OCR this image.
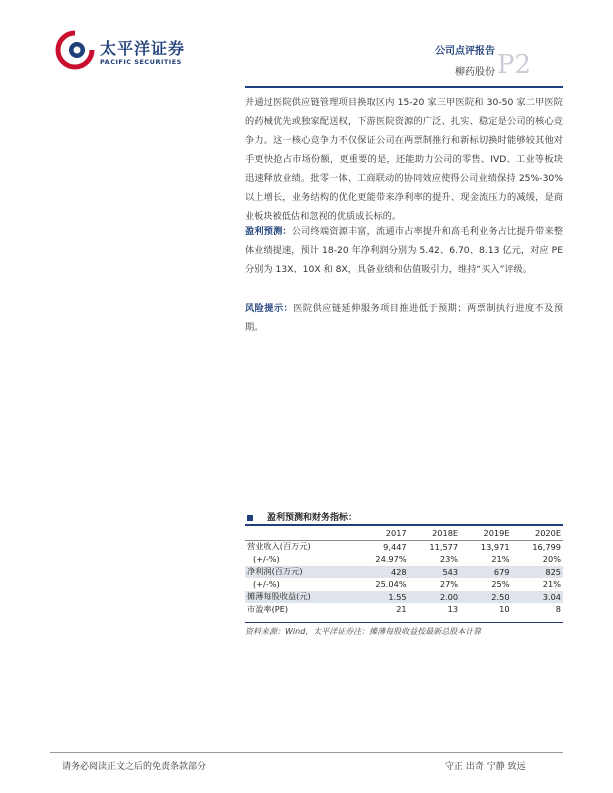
太平洋证券
PACIFIC SECURITIES
公司点评报告
柳药股份 P2
并通过医院供应链管理项目换取区内 15-20 家三甲医院和 30-50 家二甲医院的药械优先或独家配送权，下游医院资源的广泛、扎实、稳定是公司的核心竞争力。这一核心竞争力不仅保证公司在两票制推行和新标切换时能够较其他对手更快抢占市场份额，更重要的是，还能助力公司的零售、IVD、工业等板块迅速释放业绩。批零一体、工商联动的协同效应使得公司业绩保持 25%-30%以上增长，业务结构的优化更能带来净利率的提升、现金流压力的减缓，是商业板块被低估和忽视的优质成长标的。
盈利预测：公司终端资源丰富，流通市占率提升和高毛利业务占比提升带来整体业绩提速，预计 18-20 年净利润分别为 5.42、6.70、8.13 亿元，对应 PE 分别为 13X、10X 和 8X，具备业绩和估值吸引力，维持“买入”评级。
风险提示：医院供应链延伸服务项目推进低于预期；两票制执行进度不及预期。
盈利预测和财务指标：
	2017	2018E	2019E	2020E
营业收入(百万元)	9,447	11,577	13,971	16,799
(+/-%)	24.97%	23%	21%	20%
净利润(百万元)	428	543	679	825
(+/-%)	25.04%	27%	25%	21%
摊薄每股收益(元)	1.55	2.00	2.50	3.04
市盈率(PE)	21	13	10	8
资料来源：Wind，太平洋证券注：摊薄每股收益按最新总股本计算
请务必阅读正文之后的免责条款部分	守正 出奇 宁静 致远
